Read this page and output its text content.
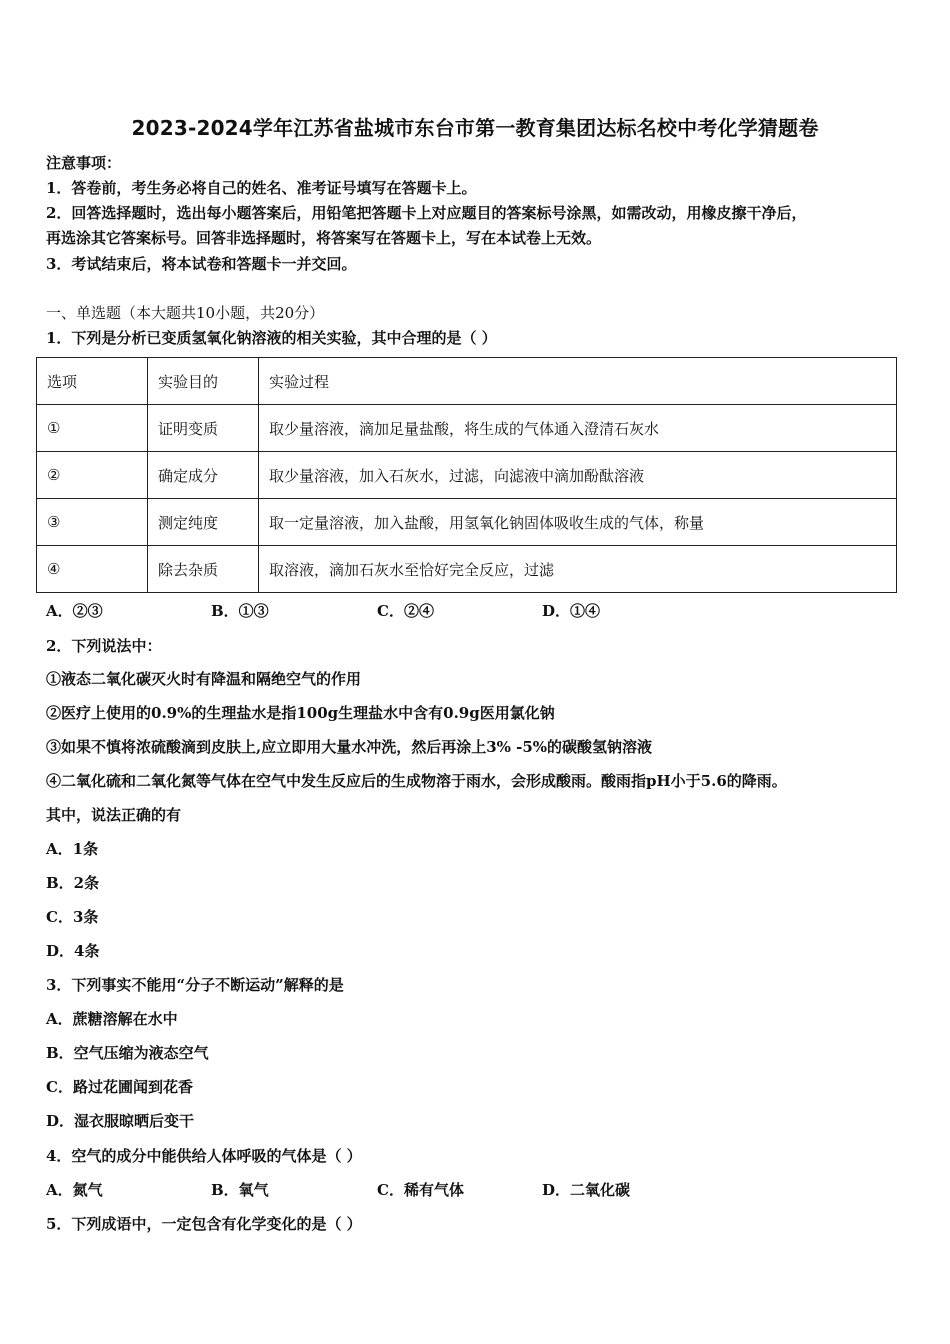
2023-2024学年江苏省盐城市东台市第一教育集团达标名校中考化学猜题卷
注意事项：
1．答卷前，考生务必将自己的姓名、准考证号填写在答题卡上。
2．回答选择题时，选出每小题答案后，用铅笔把答题卡上对应题目的答案标号涂黑，如需改动，用橡皮擦干净后，
再选涂其它答案标号。回答非选择题时，将答案写在答题卡上，写在本试卷上无效。
3．考试结束后，将本试卷和答题卡一并交回。
一、单选题（本大题共10小题，共20分）
1．下列是分析已变质氢氧化钠溶液的相关实验，其中合理的是（ ）
选项	实验目的	实验过程
①	证明变质	取少量溶液，滴加足量盐酸，将生成的气体通入澄清石灰水
②	确定成分	取少量溶液，加入石灰水，过滤，向滤液中滴加酚酞溶液
③	测定纯度	取一定量溶液，加入盐酸，用氢氧化钠固体吸收生成的气体，称量
④	除去杂质	取溶液，滴加石灰水至恰好完全反应，过滤
A．②③	B．①③	C．②④	D．①④
2．下列说法中：
①液态二氧化碳灭火时有降温和隔绝空气的作用
②医疗上使用的0.9%的生理盐水是指100g生理盐水中含有0.9g医用氯化钠
③如果不慎将浓硫酸滴到皮肤上,应立即用大量水冲洗，然后再涂上3% -5%的碳酸氢钠溶液
④二氧化硫和二氧化氮等气体在空气中发生反应后的生成物溶于雨水，会形成酸雨。酸雨指pH小于5.6的降雨。
其中，说法正确的有
A．1条
B．2条
C．3条
D．4条
3．下列事实不能用“分子不断运动”解释的是
A．蔗糖溶解在水中
B．空气压缩为液态空气
C．路过花圃闻到花香
D．湿衣服晾晒后变干
4．空气的成分中能供给人体呼吸的气体是（ ）
A．氮气	B．氧气	C．稀有气体	D．二氧化碳
5．下列成语中，一定包含有化学变化的是（ ）
